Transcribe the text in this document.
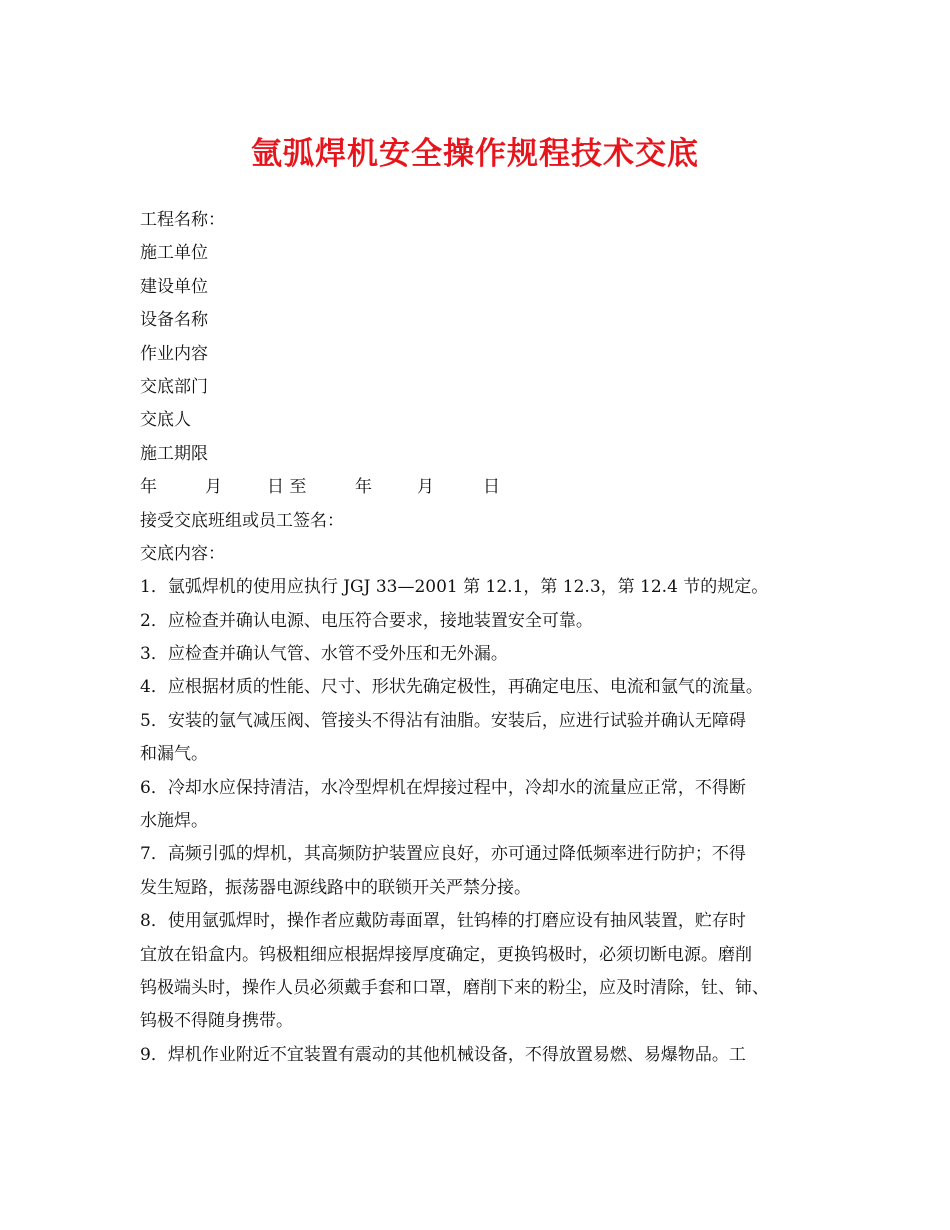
氩弧焊机安全操作规程技术交底
工程名称：
施工单位
建设单位
设备名称
作业内容
交底部门
交底人
施工期限
年	月	日 至	年	月	日
接受交底班组或员工签名：
交底内容：
1．氩弧焊机的使用应执行 JGJ 33—2001 第 12.1，第 12.3，第 12.4 节的规定。
2．应检查并确认电源、电压符合要求，接地装置安全可靠。
3．应检查并确认气管、水管不受外压和无外漏。
4．应根据材质的性能、尺寸、形状先确定极性，再确定电压、电流和氩气的流量。
5．安装的氩气减压阀、管接头不得沾有油脂。安装后，应进行试验并确认无障碍
和漏气。
6．冷却水应保持清洁，水冷型焊机在焊接过程中，冷却水的流量应正常，不得断
水施焊。
7．高频引弧的焊机，其高频防护装置应良好，亦可通过降低频率进行防护；不得
发生短路，振荡器电源线路中的联锁开关严禁分接。
8．使用氩弧焊时，操作者应戴防毒面罩，钍钨棒的打磨应设有抽风装置，贮存时
宜放在铅盒内。钨极粗细应根据焊接厚度确定，更换钨极时，必须切断电源。磨削
钨极端头时，操作人员必须戴手套和口罩，磨削下来的粉尘，应及时清除，钍、铈、
钨极不得随身携带。
9．焊机作业附近不宜装置有震动的其他机械设备，不得放置易燃、易爆物品。工
